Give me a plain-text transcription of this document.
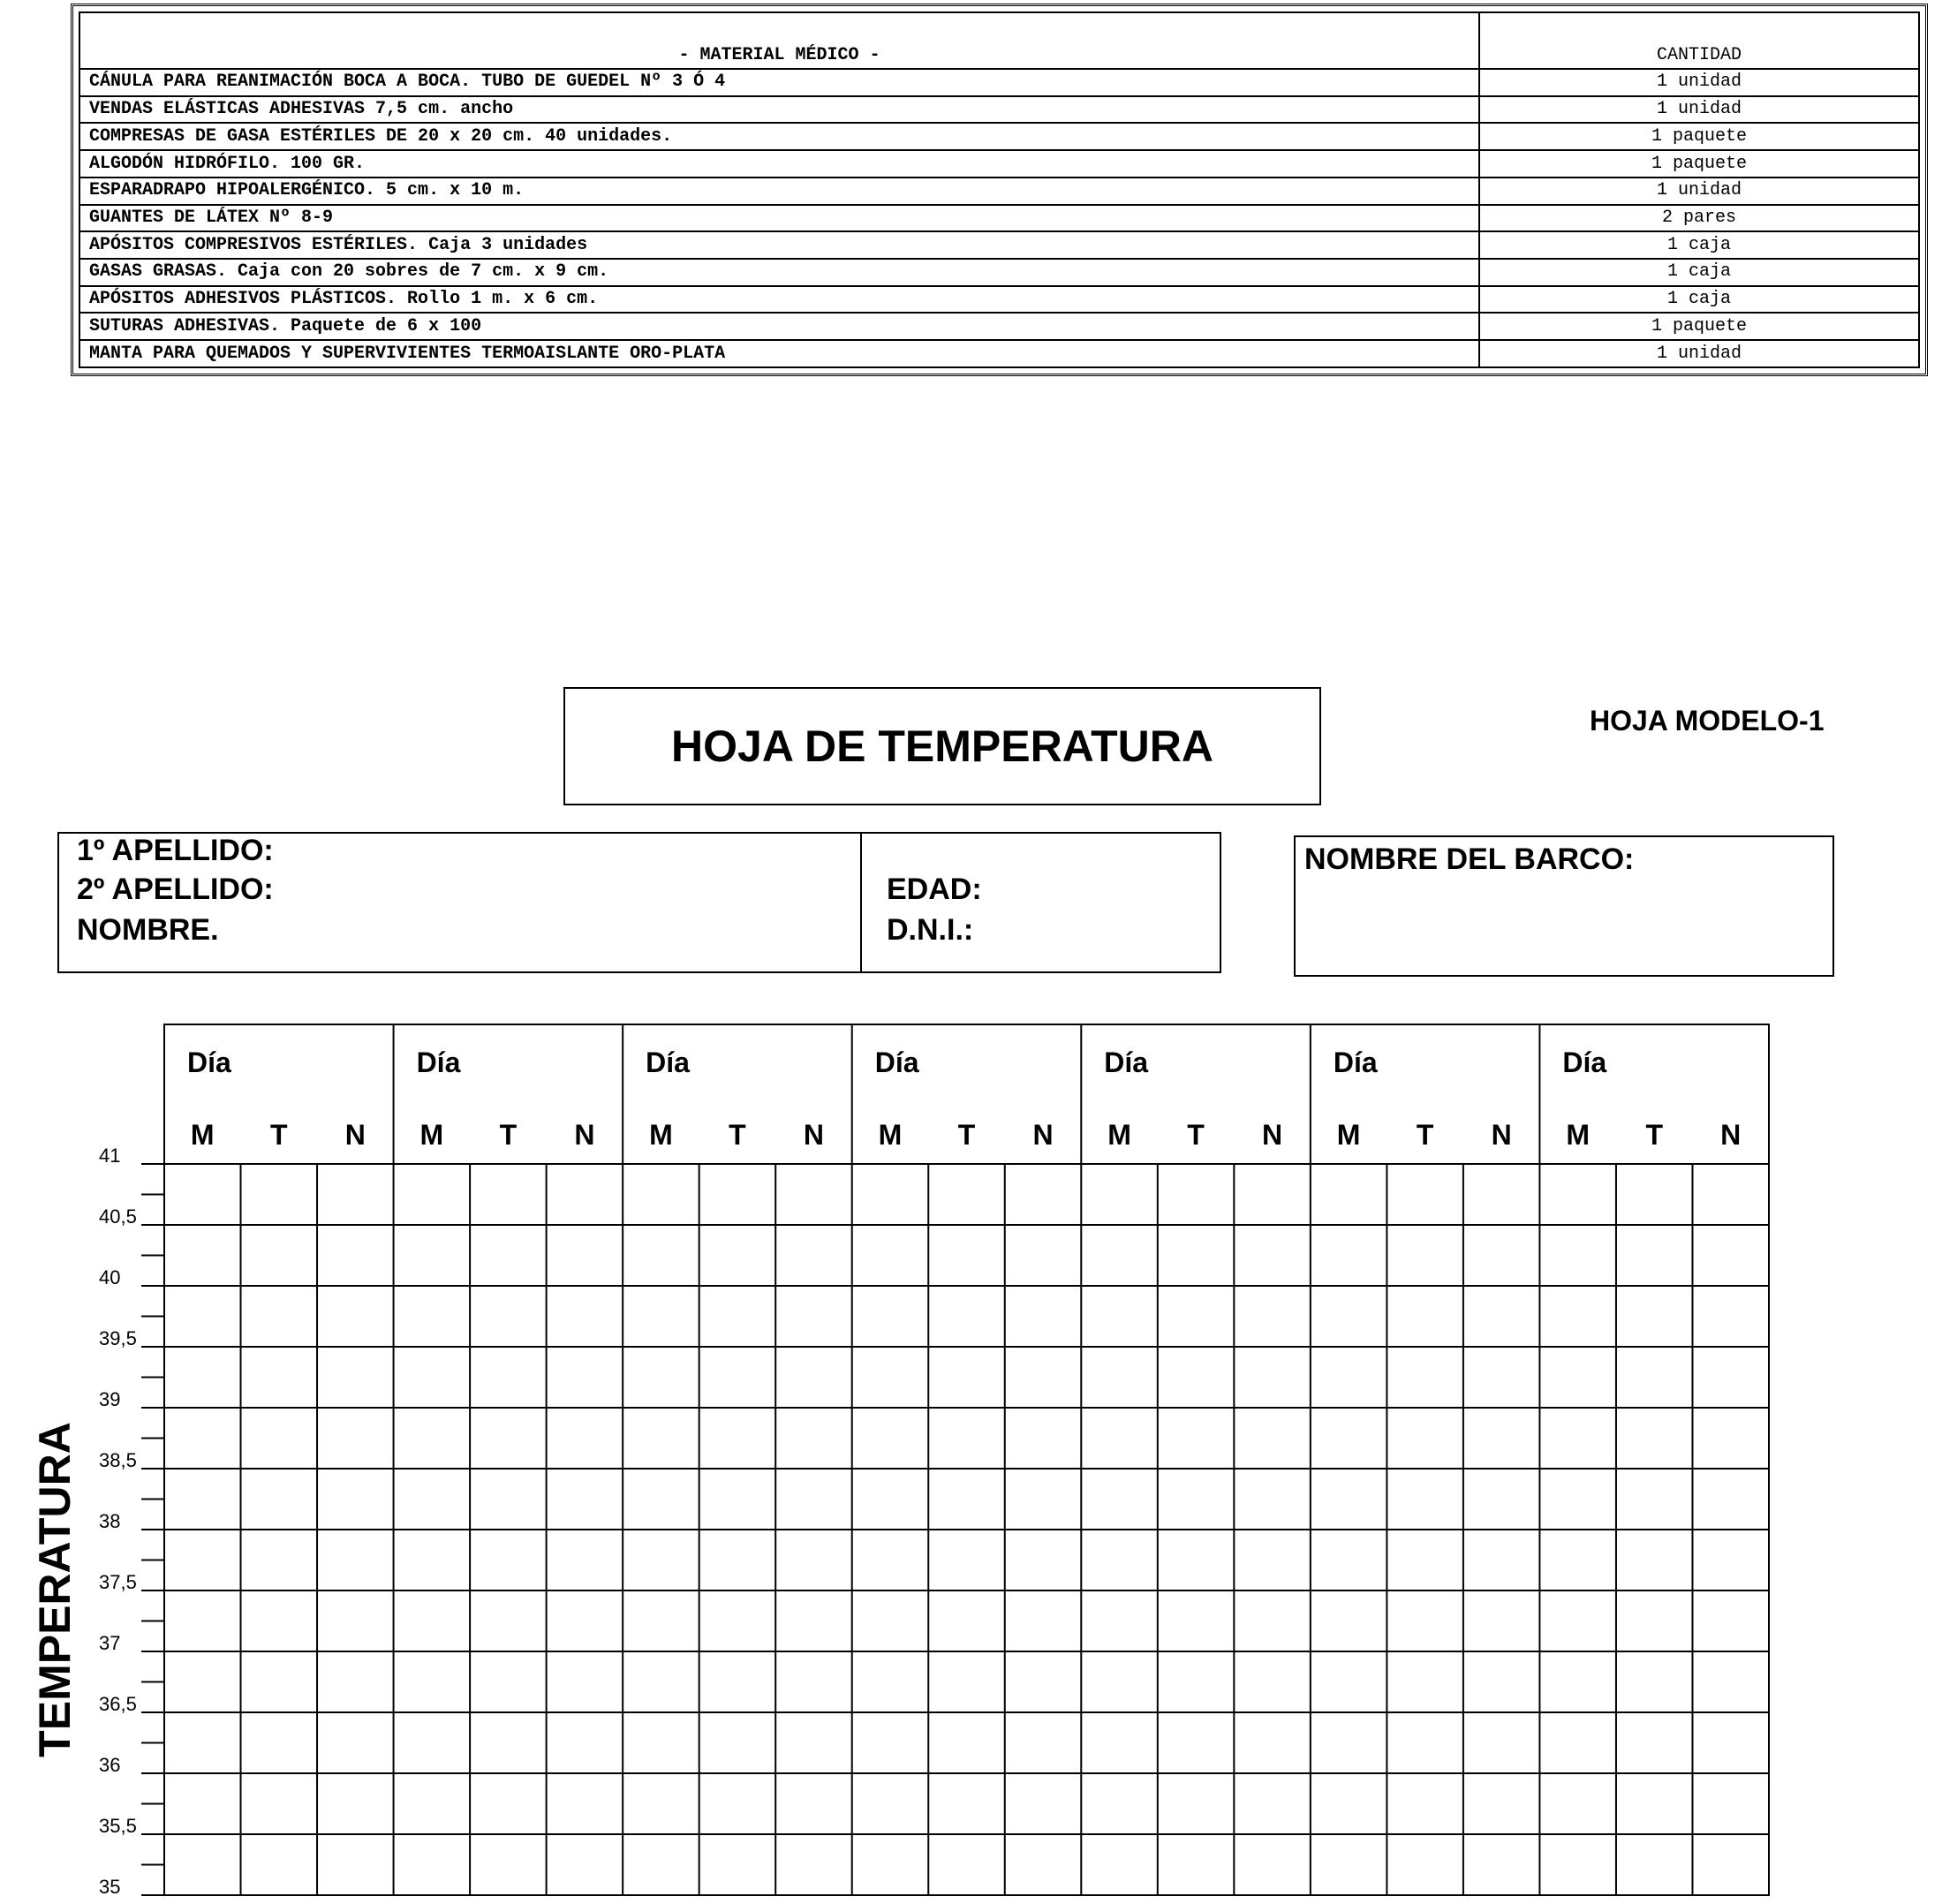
- MATERIAL MÉDICO -	CANTIDAD
CÁNULA PARA REANIMACIÓN BOCA A BOCA. TUBO DE GUEDEL Nº 3 Ó 4	1 unidad
VENDAS ELÁSTICAS ADHESIVAS 7,5 cm. ancho	1 unidad
COMPRESAS DE GASA ESTÉRILES DE 20 x 20 cm. 40 unidades.	1 paquete
ALGODÓN HIDRÓFILO. 100 GR.	1 paquete
ESPARADRAPO HIPOALERGÉNICO. 5 cm. x 10 m.	1 unidad
GUANTES DE LÁTEX Nº 8-9	2 pares
APÓSITOS COMPRESIVOS ESTÉRILES. Caja 3 unidades	1 caja
GASAS GRASAS. Caja con 20 sobres de 7 cm. x 9 cm.	1 caja
APÓSITOS ADHESIVOS PLÁSTICOS. Rollo 1 m. x 6 cm.	1 caja
SUTURAS ADHESIVAS. Paquete de 6 x 100	1 paquete
MANTA PARA QUEMADOS Y SUPERVIVIENTES TERMOAISLANTE ORO-PLATA	1 unidad
HOJA DE TEMPERATURA
HOJA MODELO-1
1º APELLIDO:
2º APELLIDO:
NOMBRE.
EDAD:
D.N.I.:
NOMBRE DEL BARCO:
TEMPERATURA
Día
M T N
Día
M T N
Día
M T N
Día
M T N
Día
M T N
Día
M T N
Día
M T N
41
40,5
40
39,5
39
38,5
38
37,5
37
36,5
36
35,5
35
